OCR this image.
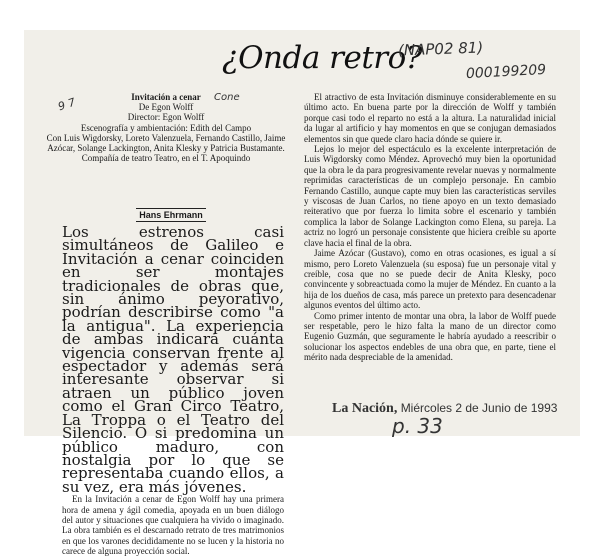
¿Onda retro?
(NAP02 81)
000199209
9 7	Cone
Invitación a cenar
De Egon Wolff
Director: Egon Wolff
Escenografía y ambientación: Edith del Campo
Con Luis Wigdorsky, Loreto Valenzuela, Fernando Castillo, Jaime Azócar, Solange Lackington, Anita Klesky y Patricia Bustamante.
Compañía de teatro Teatro, en el T. Apoquindo
Hans Ehrmann

Los estrenos casi simultáneos de Galileo e Invitación a cenar coinciden en ser montajes tradicionales de obras que, sin ánimo peyorativo, podrían describirse como "a la antigua". La experiencia de ambas indicará cuánta vigencia conservan frente al espectador y además será interesante observar si atraen un público joven como el Gran Circo Teatro, La Troppa o el Teatro del Silencio. O si predomina un público maduro, con nostalgia por lo que se representaba cuando ellos, a su vez, era más jóvenes.

En la Invitación a cenar de Egon Wolff hay una primera hora de amena y ágil comedia, apoyada en un buen diálogo del autor y situaciones que cualquiera ha vivido o imaginado. La obra también es el descarnado retrato de tres matrimonios en que los varones decididamente no se lucen y la historia no carece de alguna proyección social.

El atractivo de esta Invitación disminuye considerablemente en su último acto. En buena parte por la dirección de Wolff y también porque casi todo el reparto no está a la altura. La naturalidad inicial da lugar al artificio y hay momentos en que se conjugan demasiados elementos sin que quede claro hacia dónde se quiere ir.

Lejos lo mejor del espectáculo es la excelente interpretación de Luis Wigdorsky como Méndez. Aprovechó muy bien la oportunidad que la obra le da para progresivamente revelar nuevas y normalmente reprimidas características de un complejo personaje. En cambio Fernando Castillo, aunque capte muy bien las características serviles y viscosas de Juan Carlos, no tiene apoyo en un texto demasiado reiterativo que por fuerza lo limita sobre el escenario y también complica la labor de Solange Lackington como Elena, su pareja. La actriz no logró un personaje consistente que hiciera creíble su aporte clave hacia el final de la obra.

Jaime Azócar (Gustavo), como en otras ocasiones, es igual a sí mismo, pero Loreto Valenzuela (su esposa) fue un personaje vital y creíble, cosa que no se puede decir de Anita Klesky, poco convincente y sobreactuada como la mujer de Méndez. En cuanto a la hija de los dueños de casa, más parece un pretexto para desencadenar algunos eventos del último acto.

Como primer intento de montar una obra, la labor de Wolff puede ser respetable, pero le hizo falta la mano de un director como Eugenio Guzmán, que seguramente le habría ayudado a reescribir o solucionar los aspectos endebles de una obra que, en parte, tiene el mérito nada despreciable de la amenidad.

La Nación, Miércoles 2 de Junio de 1993
p. 33
